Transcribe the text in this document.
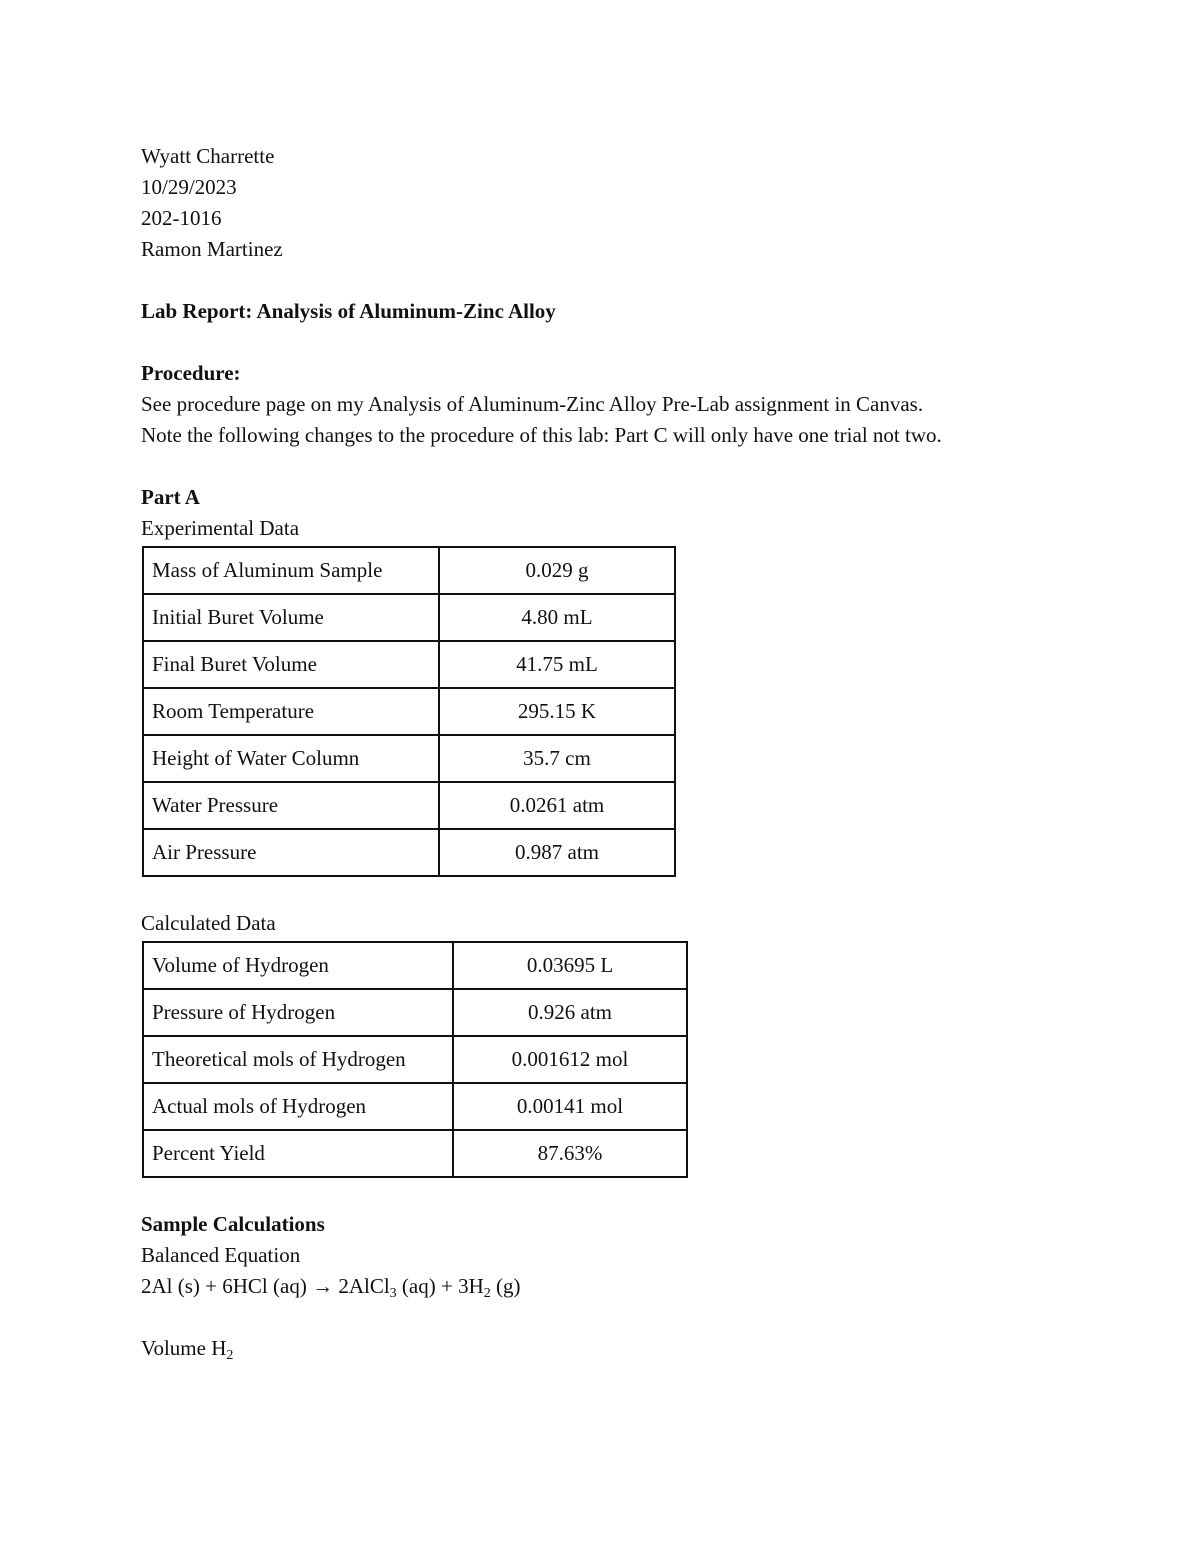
Wyatt Charrette
10/29/2023
202-1016
Ramon Martinez
Lab Report: Analysis of Aluminum-Zinc Alloy
Procedure:
See procedure page on my Analysis of Aluminum-Zinc Alloy Pre-Lab assignment in Canvas.
Note the following changes to the procedure of this lab: Part C will only have one trial not two.
Part A
Experimental Data
Mass of Aluminum Sample	0.029 g
Initial Buret Volume	4.80 mL
Final Buret Volume	41.75 mL
Room Temperature	295.15 K
Height of Water Column	35.7 cm
Water Pressure	0.0261 atm
Air Pressure	0.987 atm
Calculated Data
Volume of Hydrogen	0.03695 L
Pressure of Hydrogen	0.926 atm
Theoretical mols of Hydrogen	0.001612 mol
Actual mols of Hydrogen	0.00141 mol
Percent Yield	87.63%
Sample Calculations
Balanced Equation
2Al (s) + 6HCl (aq) → 2AlCl$_3$ $(aq) + 3H_2$ (g)
Volume $H_2$
